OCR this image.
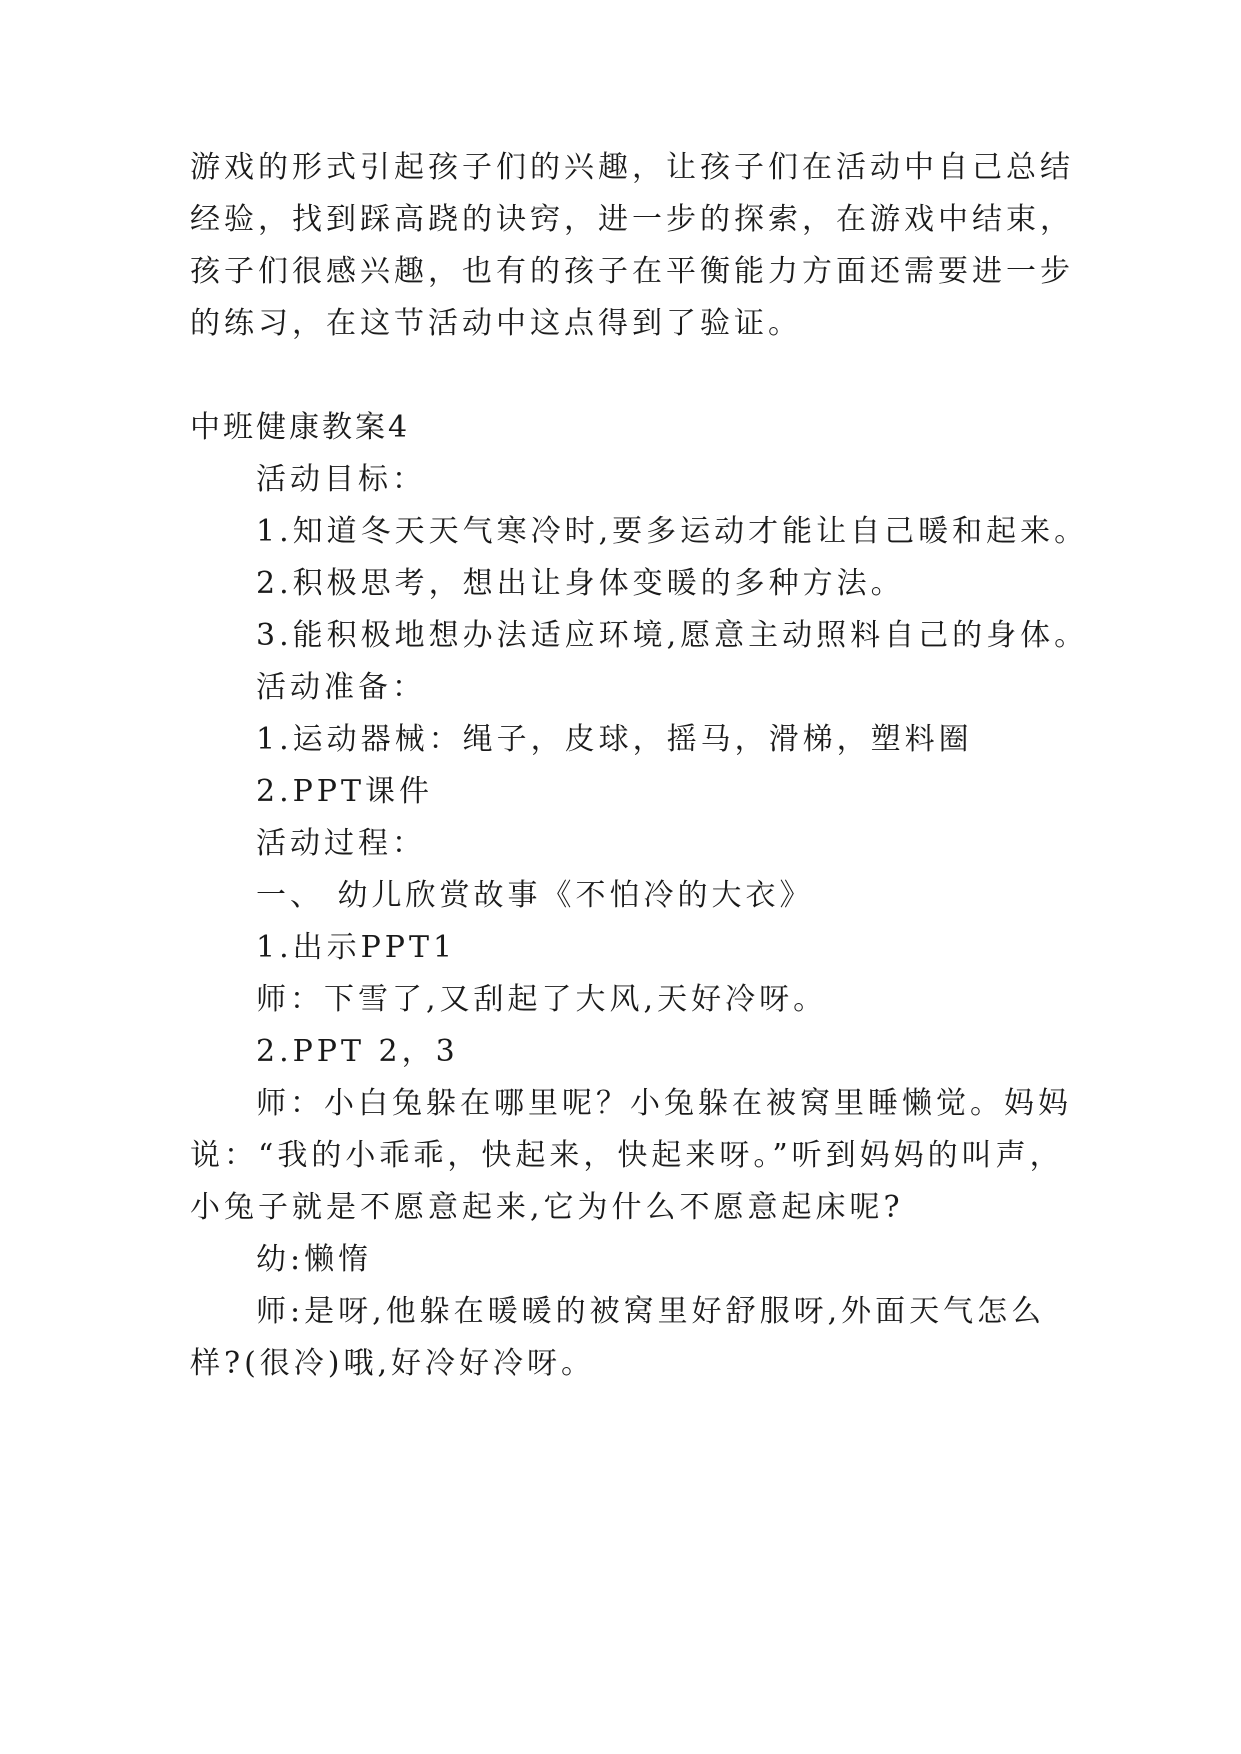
游戏的形式引起孩子们的兴趣，让孩子们在活动中自己总结

经验，找到踩高跷的诀窍，进一步的探索，在游戏中结束，

孩子们很感兴趣，也有的孩子在平衡能力方面还需要进一步

的练习，在这节活动中这点得到了验证。

中班健康教案4

活动目标：

1.知道冬天天气寒冷时,要多运动才能让自己暖和起来。

2.积极思考，想出让身体变暖的多种方法。

3.能积极地想办法适应环境,愿意主动照料自己的身体。

活动准备：

1.运动器械：绳子，皮球，摇马，滑梯，塑料圈

2.PPT课件

活动过程：

一、 幼儿欣赏故事《不怕冷的大衣》

1.出示PPT1

师：下雪了,又刮起了大风,天好冷呀。

2.PPT 2，3

师：小白兔躲在哪里呢？小兔躲在被窝里睡懒觉。妈妈

说：“我的小乖乖，快起来，快起来呀。”听到妈妈的叫声，

小兔子就是不愿意起来,它为什么不愿意起床呢?

幼:懒惰

师:是呀,他躲在暖暖的被窝里好舒服呀,外面天气怎么

样?(很冷)哦,好冷好冷呀。
